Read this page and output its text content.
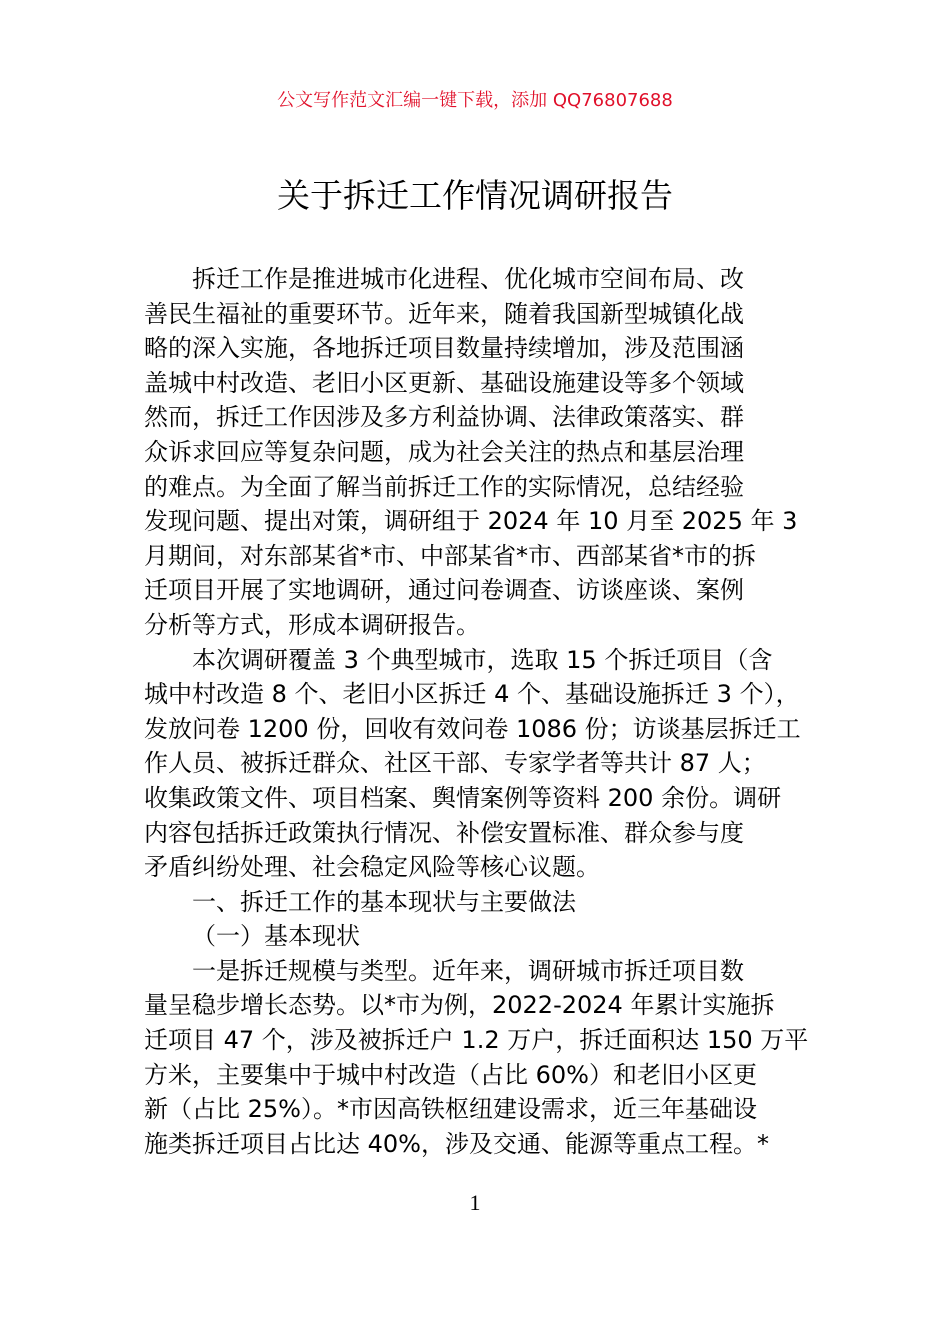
公文写作范文汇编一键下载，添加 QQ76807688
关于拆迁工作情况调研报告

拆迁工作是推进城市化进程、优化城市空间布局、改
善民生福祉的重要环节。近年来，随着我国新型城镇化战
略的深入实施，各地拆迁项目数量持续增加，涉及范围涵
盖城中村改造、老旧小区更新、基础设施建设等多个领域
然而，拆迁工作因涉及多方利益协调、法律政策落实、群
众诉求回应等复杂问题，成为社会关注的热点和基层治理
的难点。为全面了解当前拆迁工作的实际情况，总结经验
发现问题、提出对策，调研组于 2024 年 10 月至 2025 年 3
月期间，对东部某省*市、中部某省*市、西部某省*市的拆
迁项目开展了实地调研，通过问卷调查、访谈座谈、案例
分析等方式，形成本调研报告。

本次调研覆盖 3 个典型城市，选取 15 个拆迁项目（含
城中村改造 8 个、老旧小区拆迁 4 个、基础设施拆迁 3 个），
发放问卷 1200 份，回收有效问卷 1086 份；访谈基层拆迁工
作人员、被拆迁群众、社区干部、专家学者等共计 87 人；
收集政策文件、项目档案、舆情案例等资料 200 余份。调研
内容包括拆迁政策执行情况、补偿安置标准、群众参与度
矛盾纠纷处理、社会稳定风险等核心议题。

一、拆迁工作的基本现状与主要做法

（一）基本现状

一是拆迁规模与类型。近年来，调研城市拆迁项目数
量呈稳步增长态势。以*市为例，2022-2024 年累计实施拆
迁项目 47 个，涉及被拆迁户 1.2 万户，拆迁面积达 150 万平
方米，主要集中于城中村改造（占比 60%）和老旧小区更
新（占比 25%）。*市因高铁枢纽建设需求，近三年基础设
施类拆迁项目占比达 40%，涉及交通、能源等重点工程。*

1
